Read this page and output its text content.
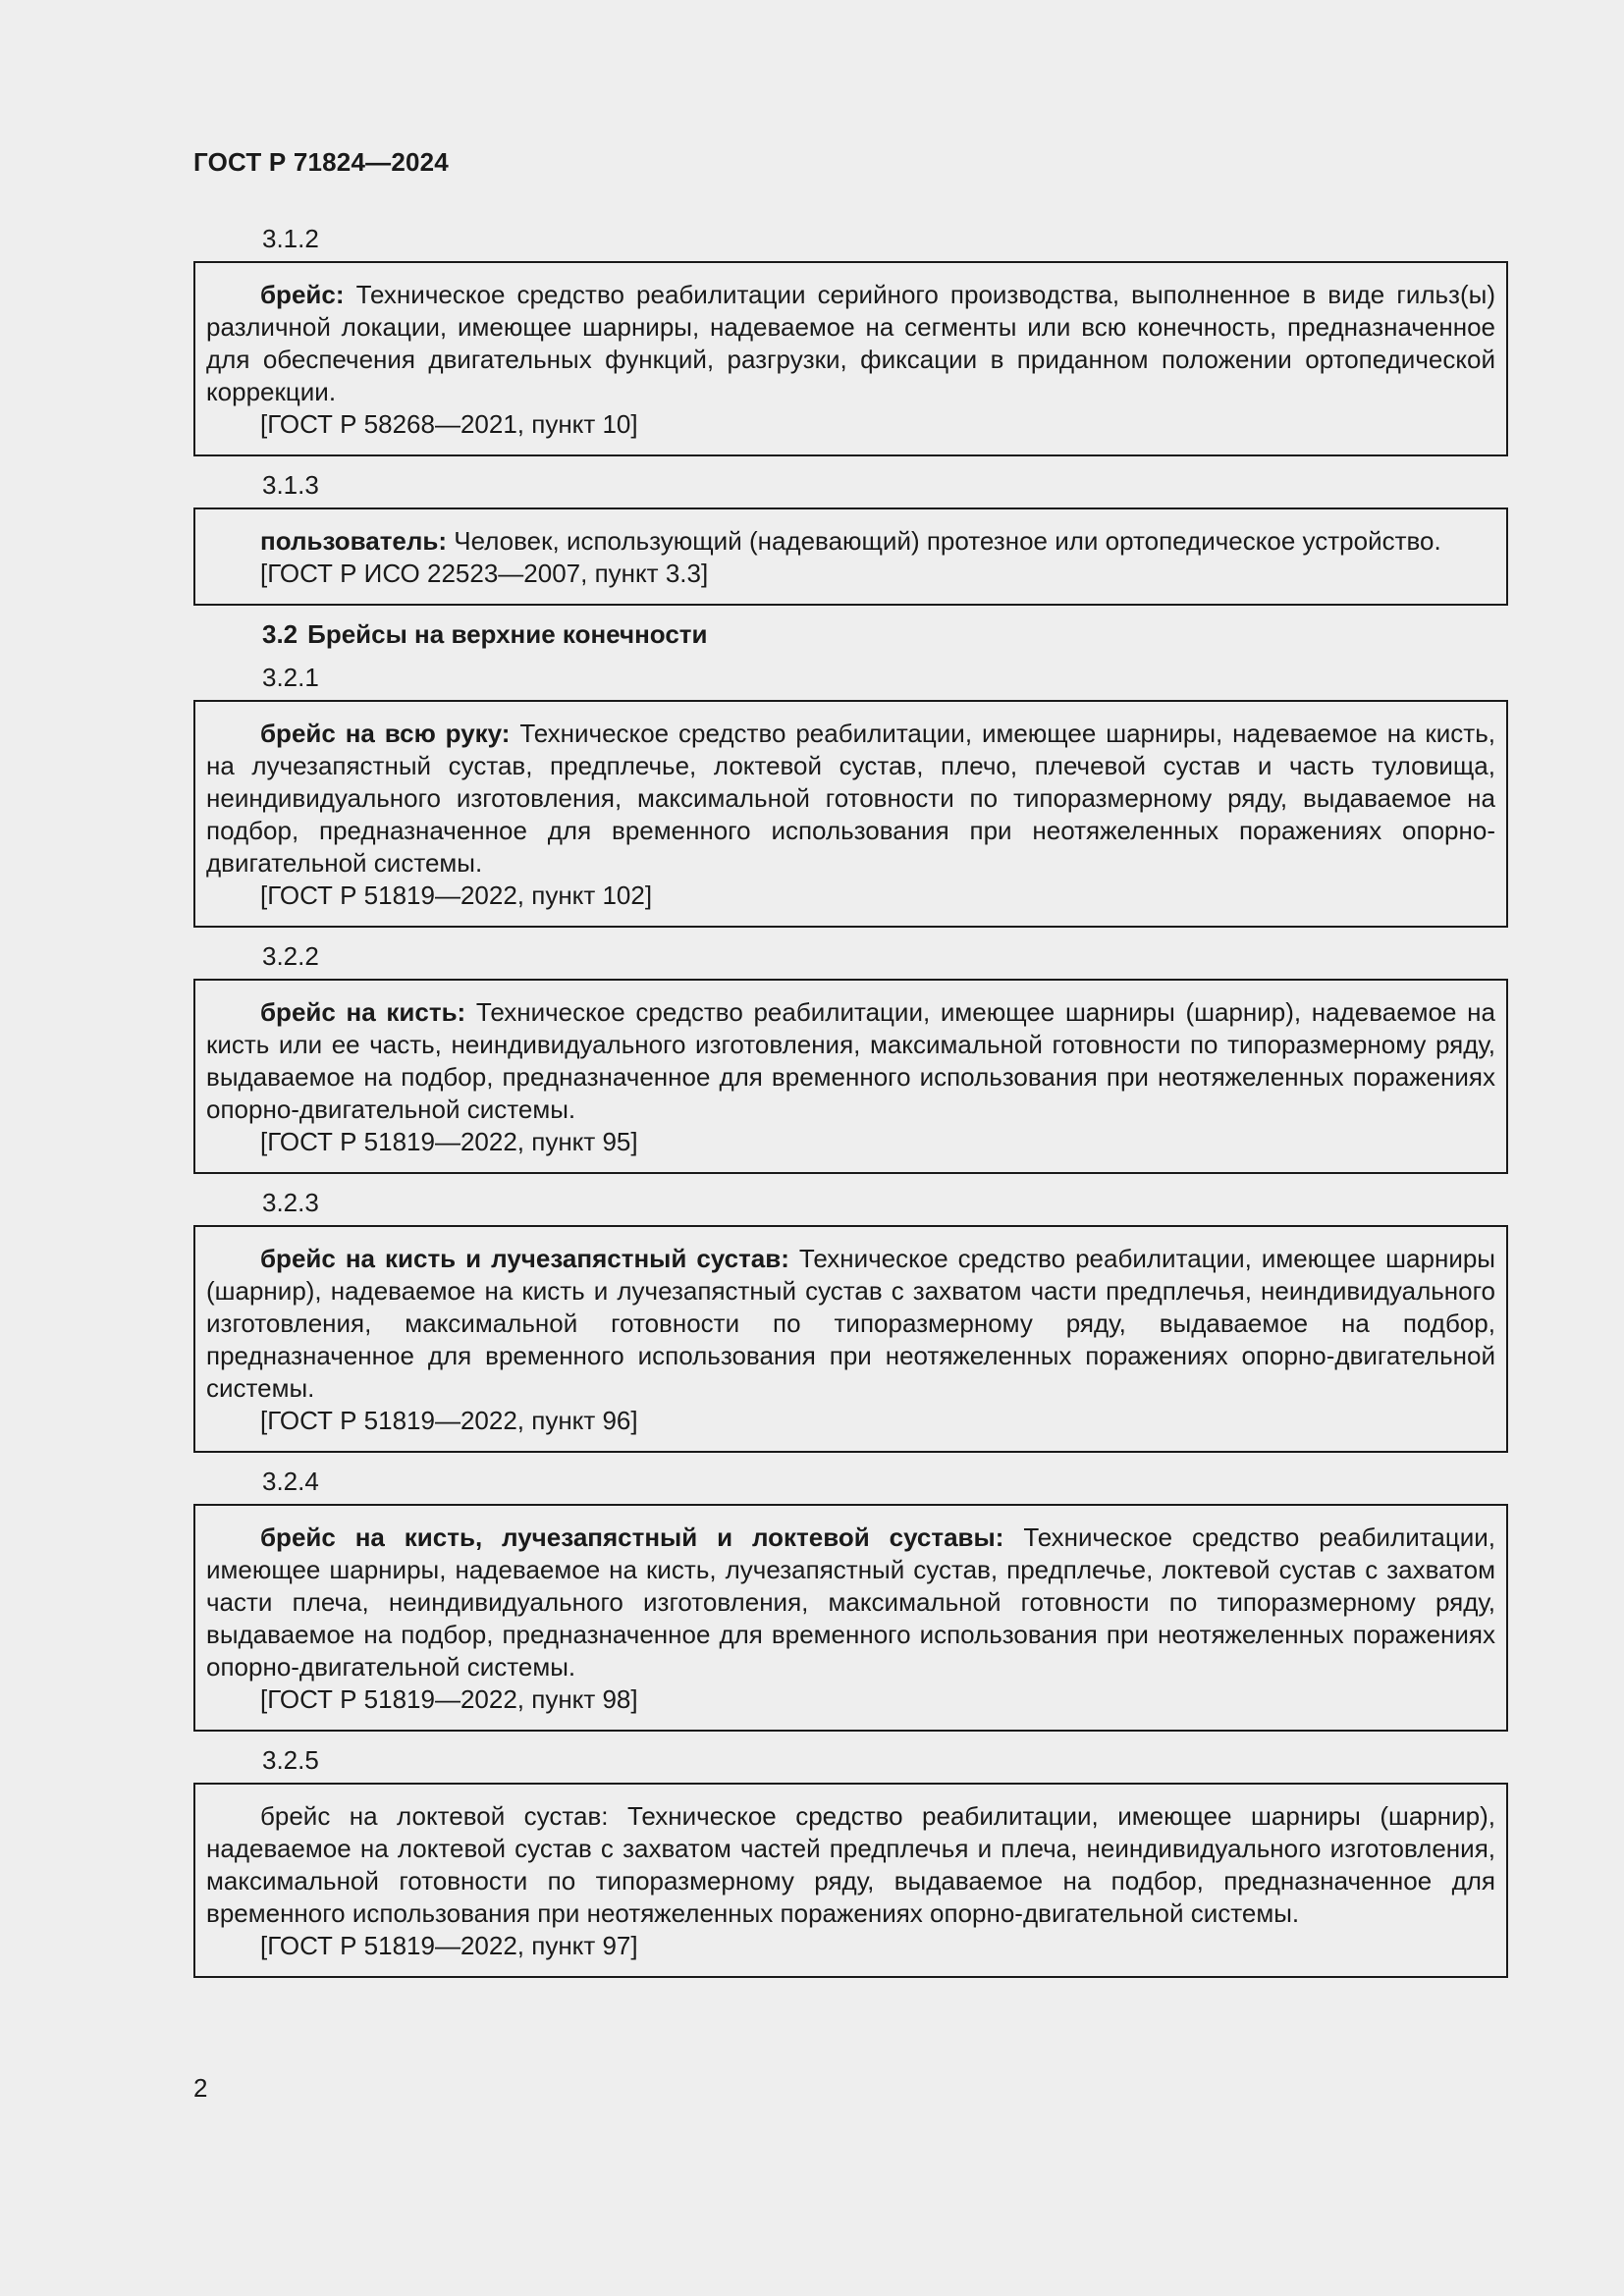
ГОСТ Р 71824—2024
3.1.2

брейс: Техническое средство реабилитации серийного производства, выполненное в виде гильз(ы) различной локации, имеющее шарниры, надеваемое на сегменты или всю конечность, предназначенное для обеспечения двигательных функций, разгрузки, фиксации в приданном положении ортопедической коррекции.

[ГОСТ Р 58268—2021, пункт 10]
3.1.3

пользователь: Человек, использующий (надевающий) протезное или ортопедическое устройство.

[ГОСТ Р ИСО 22523—2007, пункт 3.3]
3.2 Брейсы на верхние конечности
3.2.1

брейс на всю руку: Техническое средство реабилитации, имеющее шарниры, надеваемое на кисть, на лучезапястный сустав, предплечье, локтевой сустав, плечо, плечевой сустав и часть туловища, неиндивидуального изготовления, максимальной готовности по типоразмерному ряду, выдаваемое на подбор, предназначенное для временного использования при неотяжеленных поражениях опорно-двигательной системы.

[ГОСТ Р 51819—2022, пункт 102]
3.2.2

брейс на кисть: Техническое средство реабилитации, имеющее шарниры (шарнир), надеваемое на кисть или ее часть, неиндивидуального изготовления, максимальной готовности по типоразмерному ряду, выдаваемое на подбор, предназначенное для временного использования при неотяжеленных поражениях опорно-двигательной системы.

[ГОСТ Р 51819—2022, пункт 95]
3.2.3

брейс на кисть и лучезапястный сустав: Техническое средство реабилитации, имеющее шарниры (шарнир), надеваемое на кисть и лучезапястный сустав с захватом части предплечья, неиндивидуального изготовления, максимальной готовности по типоразмерному ряду, выдаваемое на подбор, предназначенное для временного использования при неотяжеленных поражениях опорно-двигательной системы.

[ГОСТ Р 51819—2022, пункт 96]
3.2.4

брейс на кисть, лучезапястный и локтевой суставы: Техническое средство реабилитации, имеющее шарниры, надеваемое на кисть, лучезапястный сустав, предплечье, локтевой сустав с захватом части плеча, неиндивидуального изготовления, максимальной готовности по типоразмерному ряду, выдаваемое на подбор, предназначенное для временного использования при неотяжеленных поражениях опорно-двигательной системы.

[ГОСТ Р 51819—2022, пункт 98]
3.2.5

брейс на локтевой сустав: Техническое средство реабилитации, имеющее шарниры (шарнир), надеваемое на локтевой сустав с захватом частей предплечья и плеча, неиндивидуального изготовления, максимальной готовности по типоразмерному ряду, выдаваемое на подбор, предназначенное для временного использования при неотяжеленных поражениях опорно-двигательной системы.

[ГОСТ Р 51819—2022, пункт 97]
2
